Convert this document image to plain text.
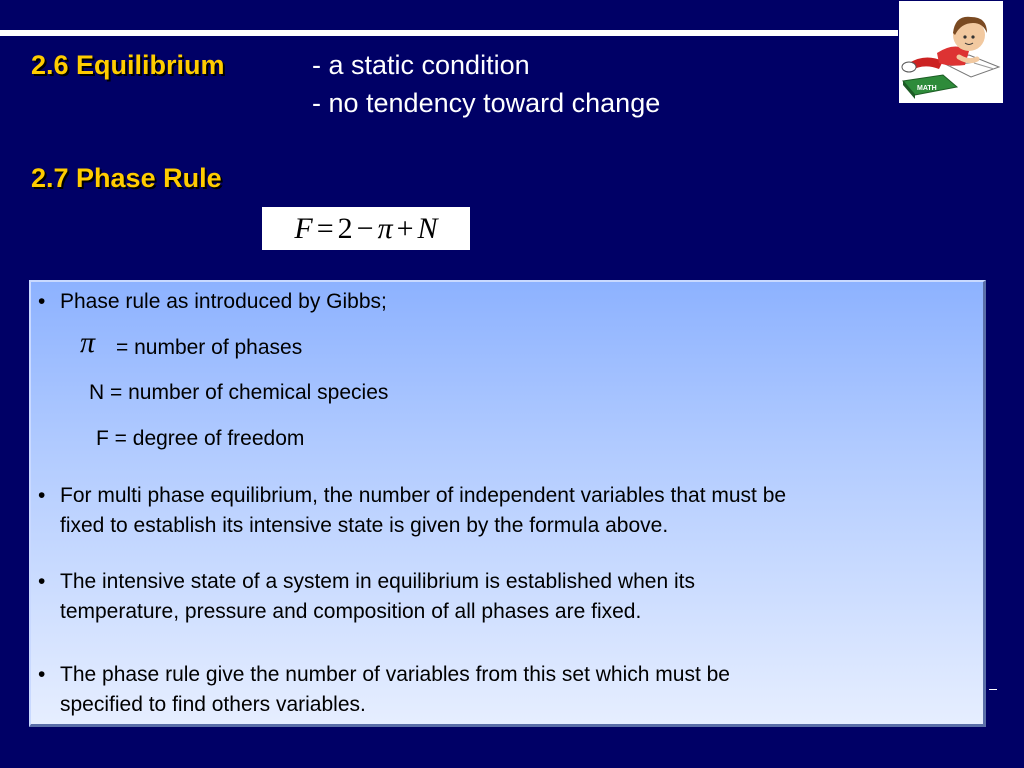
MATH
2.6 Equilibrium	- a static condition
- no tendency toward change
2.7 Phase Rule
F = 2 − π + N
• Phase rule as introduced by Gibbs;
π = number of phases
N = number of chemical species
F = degree of freedom
• For multi phase equilibrium, the number of independent variables that must be
fixed to establish its intensive state is given by the formula above.
• The intensive state of a system in equilibrium is established when its
temperature, pressure and composition of all phases are fixed.
• The phase rule give the number of variables from this set which must be
specified to find others variables.
